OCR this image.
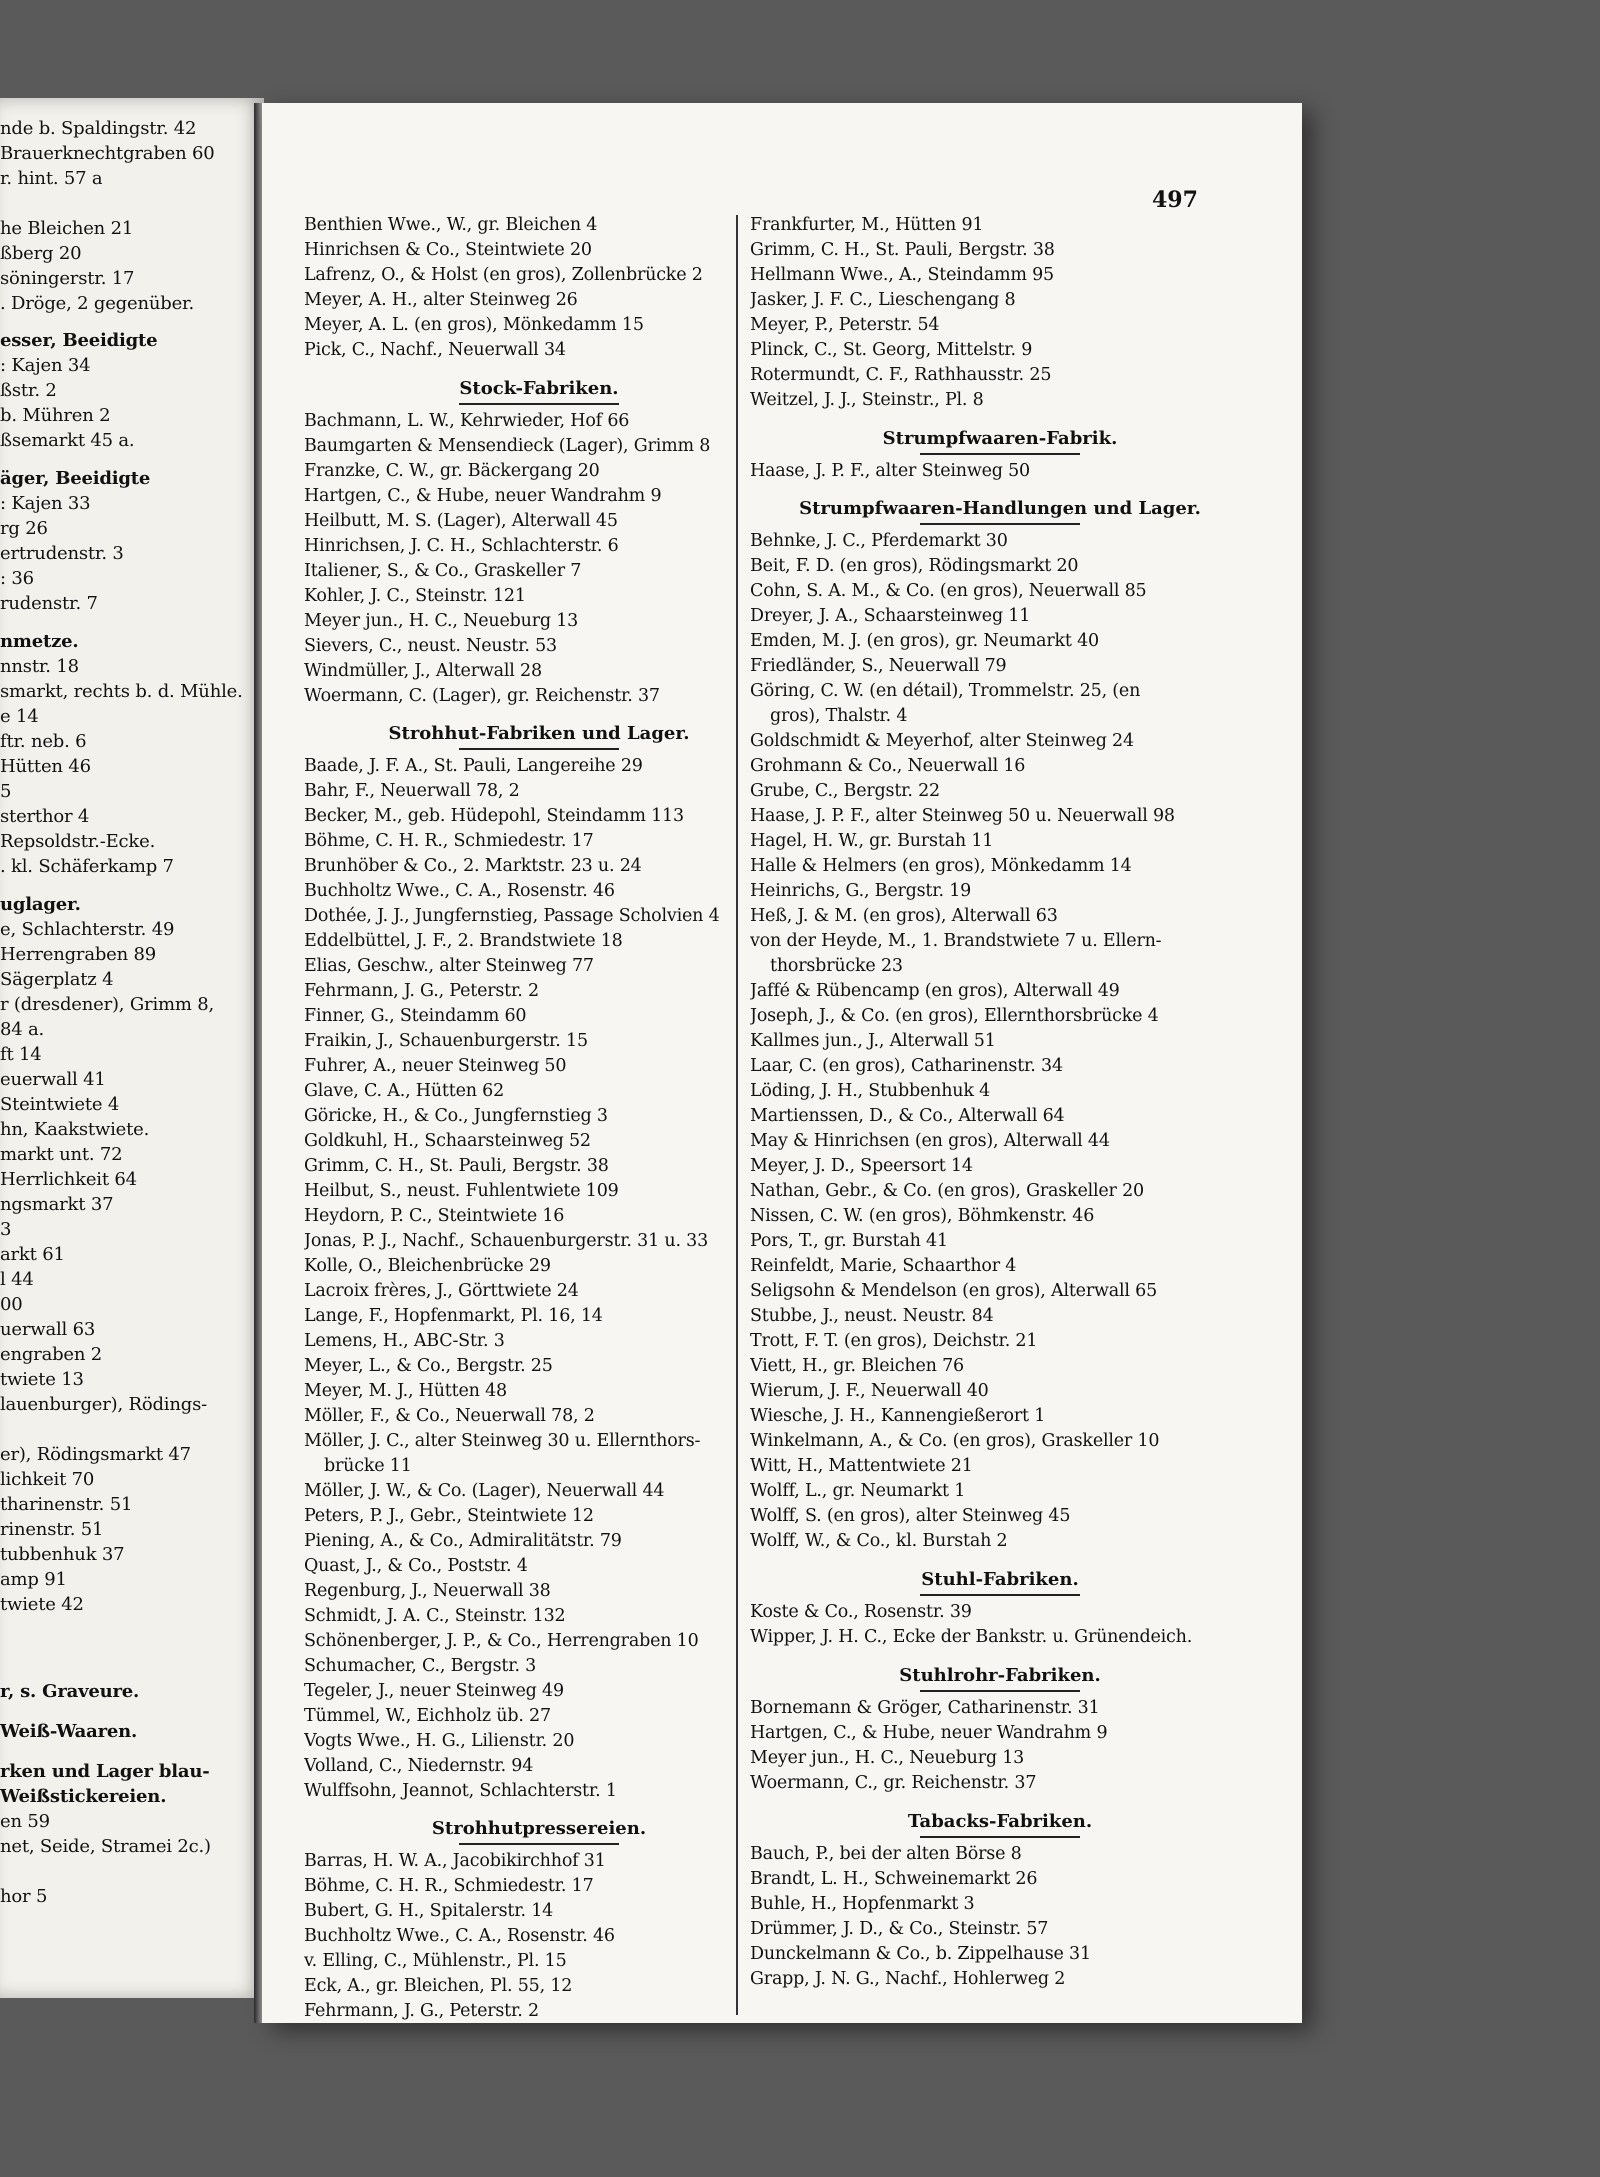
nde b. Spaldingstr. 42
Brauerknechtgraben 60
r. hint. 57 a
he Bleichen 21
ßberg 20
söningerstr. 17
. Dröge, 2 gegenüber.
esser, Beeidigte
: Kajen 34
ßstr. 2
b. Mühren 2
ßsemarkt 45 a.
äger, Beeidigte
: Kajen 33
rg 26
ertrudenstr. 3
: 36
rudenstr. 7
nmetze.
nnstr. 18
smarkt, rechts b. d. Mühle.
e 14
ftr. neb. 6
Hütten 46
5
sterthor 4
Repsoldstr.-Ecke.
. kl. Schäferkamp 7
uglager.
e, Schlachterstr. 49
Herrengraben 89
Sägerplatz 4
r (dresdener), Grimm 8,
84 a.
ft 14
euerwall 41
Steintwiete 4
hn, Kaakstwiete.
markt unt. 72
Herrlichkeit 64
ngsmarkt 37
3
arkt 61
l 44
00
uerwall 63
engraben 2
twiete 13
lauenburger), Rödings-
er), Rödingsmarkt 47
lichkeit 70
tharinenstr. 51
rinenstr. 51
tubbenhuk 37
amp 91
twiete 42
r, s. Graveure.
Weiß-Waaren.
rken und Lager blau-
Weißstickereien.
en 59
net, Seide, Stramei 2c.)
hor 5
497
Benthien Wwe., W., gr. Bleichen 4
Hinrichsen & Co., Steintwiete 20
Lafrenz, O., & Holst (en gros), Zollenbrücke 2
Meyer, A. H., alter Steinweg 26
Meyer, A. L. (en gros), Mönkedamm 15
Pick, C., Nachf., Neuerwall 34
Stock-Fabriken.
Bachmann, L. W., Kehrwieder, Hof 66
Baumgarten & Mensendieck (Lager), Grimm 8
Franzke, C. W., gr. Bäckergang 20
Hartgen, C., & Hube, neuer Wandrahm 9
Heilbutt, M. S. (Lager), Alterwall 45
Hinrichsen, J. C. H., Schlachterstr. 6
Italiener, S., & Co., Graskeller 7
Kohler, J. C., Steinstr. 121
Meyer jun., H. C., Neueburg 13
Sievers, C., neust. Neustr. 53
Windmüller, J., Alterwall 28
Woermann, C. (Lager), gr. Reichenstr. 37
Strohhut-Fabriken und Lager.
Baade, J. F. A., St. Pauli, Langereihe 29
Bahr, F., Neuerwall 78, 2
Becker, M., geb. Hüdepohl, Steindamm 113
Böhme, C. H. R., Schmiedestr. 17
Brunhöber & Co., 2. Marktstr. 23 u. 24
Buchholtz Wwe., C. A., Rosenstr. 46
Dothée, J. J., Jungfernstieg, Passage Scholvien 4
Eddelbüttel, J. F., 2. Brandstwiete 18
Elias, Geschw., alter Steinweg 77
Fehrmann, J. G., Peterstr. 2
Finner, G., Steindamm 60
Fraikin, J., Schauenburgerstr. 15
Fuhrer, A., neuer Steinweg 50
Glave, C. A., Hütten 62
Göricke, H., & Co., Jungfernstieg 3
Goldkuhl, H., Schaarsteinweg 52
Grimm, C. H., St. Pauli, Bergstr. 38
Heilbut, S., neust. Fuhlentwiete 109
Heydorn, P. C., Steintwiete 16
Jonas, P. J., Nachf., Schauenburgerstr. 31 u. 33
Kolle, O., Bleichenbrücke 29
Lacroix frères, J., Görttwiete 24
Lange, F., Hopfenmarkt, Pl. 16, 14
Lemens, H., ABC-Str. 3
Meyer, L., & Co., Bergstr. 25
Meyer, M. J., Hütten 48
Möller, F., & Co., Neuerwall 78, 2
Möller, J. C., alter Steinweg 30 u. Ellernthors-
brücke 11
Möller, J. W., & Co. (Lager), Neuerwall 44
Peters, P. J., Gebr., Steintwiete 12
Piening, A., & Co., Admiralitätstr. 79
Quast, J., & Co., Poststr. 4
Regenburg, J., Neuerwall 38
Schmidt, J. A. C., Steinstr. 132
Schönenberger, J. P., & Co., Herrengraben 10
Schumacher, C., Bergstr. 3
Tegeler, J., neuer Steinweg 49
Tümmel, W., Eichholz üb. 27
Vogts Wwe., H. G., Lilienstr. 20
Volland, C., Niedernstr. 94
Wulffsohn, Jeannot, Schlachterstr. 1
Strohhutpressereien.
Barras, H. W. A., Jacobikirchhof 31
Böhme, C. H. R., Schmiedestr. 17
Bubert, G. H., Spitalerstr. 14
Buchholtz Wwe., C. A., Rosenstr. 46
v. Elling, C., Mühlenstr., Pl. 15
Eck, A., gr. Bleichen, Pl. 55, 12
Fehrmann, J. G., Peterstr. 2
Frankfurter, M., Hütten 91
Grimm, C. H., St. Pauli, Bergstr. 38
Hellmann Wwe., A., Steindamm 95
Jasker, J. F. C., Lieschengang 8
Meyer, P., Peterstr. 54
Plinck, C., St. Georg, Mittelstr. 9
Rotermundt, C. F., Rathhausstr. 25
Weitzel, J. J., Steinstr., Pl. 8
Strumpfwaaren-Fabrik.
Haase, J. P. F., alter Steinweg 50
Strumpfwaaren-Handlungen und Lager.
Behnke, J. C., Pferdemarkt 30
Beit, F. D. (en gros), Rödingsmarkt 20
Cohn, S. A. M., & Co. (en gros), Neuerwall 85
Dreyer, J. A., Schaarsteinweg 11
Emden, M. J. (en gros), gr. Neumarkt 40
Friedländer, S., Neuerwall 79
Göring, C. W. (en détail), Trommelstr. 25, (en
gros), Thalstr. 4
Goldschmidt & Meyerhof, alter Steinweg 24
Grohmann & Co., Neuerwall 16
Grube, C., Bergstr. 22
Haase, J. P. F., alter Steinweg 50 u. Neuerwall 98
Hagel, H. W., gr. Burstah 11
Halle & Helmers (en gros), Mönkedamm 14
Heinrichs, G., Bergstr. 19
Heß, J. & M. (en gros), Alterwall 63
von der Heyde, M., 1. Brandstwiete 7 u. Ellern-
thorsbrücke 23
Jaffé & Rübencamp (en gros), Alterwall 49
Joseph, J., & Co. (en gros), Ellernthorsbrücke 4
Kallmes jun., J., Alterwall 51
Laar, C. (en gros), Catharinenstr. 34
Löding, J. H., Stubbenhuk 4
Martienssen, D., & Co., Alterwall 64
May & Hinrichsen (en gros), Alterwall 44
Meyer, J. D., Speersort 14
Nathan, Gebr., & Co. (en gros), Graskeller 20
Nissen, C. W. (en gros), Böhmkenstr. 46
Pors, T., gr. Burstah 41
Reinfeldt, Marie, Schaarthor 4
Seligsohn & Mendelson (en gros), Alterwall 65
Stubbe, J., neust. Neustr. 84
Trott, F. T. (en gros), Deichstr. 21
Viett, H., gr. Bleichen 76
Wierum, J. F., Neuerwall 40
Wiesche, J. H., Kannengießerort 1
Winkelmann, A., & Co. (en gros), Graskeller 10
Witt, H., Mattentwiete 21
Wolff, L., gr. Neumarkt 1
Wolff, S. (en gros), alter Steinweg 45
Wolff, W., & Co., kl. Burstah 2
Stuhl-Fabriken.
Koste & Co., Rosenstr. 39
Wipper, J. H. C., Ecke der Bankstr. u. Grünendeich.
Stuhlrohr-Fabriken.
Bornemann & Gröger, Catharinenstr. 31
Hartgen, C., & Hube, neuer Wandrahm 9
Meyer jun., H. C., Neueburg 13
Woermann, C., gr. Reichenstr. 37
Tabacks-Fabriken.
Bauch, P., bei der alten Börse 8
Brandt, L. H., Schweinemarkt 26
Buhle, H., Hopfenmarkt 3
Drümmer, J. D., & Co., Steinstr. 57
Dunckelmann & Co., b. Zippelhause 31
Grapp, J. N. G., Nachf., Hohlerweg 2
